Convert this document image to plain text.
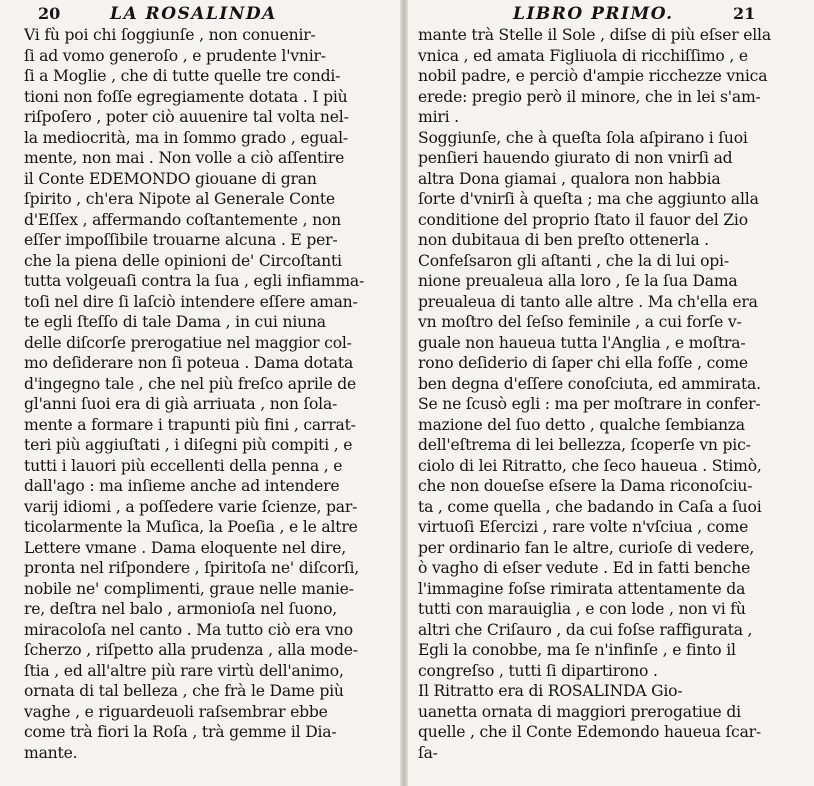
20	LA ROSALINDA
Vi fù poi chi ſoggiunſe , non conuenir-
ſi ad vomo generoſo , e prudente l'vnir-
ſi a Moglie , che di tutte quelle tre condi-
tioni non foſſe egregiamente dotata . I più
riſpoſero , poter ciò auuenire tal volta nel-
la mediocrità, ma in ſommo grado , egual-
mente, non mai . Non volle a ciò aſſentire
il Conte EDEMONDO giouane di gran
ſpirito , ch'era Nipote al Generale Conte
d'Eſſex , affermando coſtantemente , non
eſſer impoſſibile trouarne alcuna . E per-
che la piena delle opinioni de' Circoſtanti
tutta volgeuaſi contra la ſua , egli infiamma-
toſi nel dire ſi laſciò intendere eſſere aman-
te egli ſteſſo di tale Dama , in cui niuna
delle diſcorſe prerogatiue nel maggior col-
mo deſiderare non ſi poteua . Dama dotata
d'ingegno tale , che nel più freſco aprile de
gl'anni ſuoi era di già arriuata , non ſola-
mente a formare i trapunti più fini , carrat-
teri più aggiuſtati , i diſegni più compiti , e
tutti i lauori più eccellenti della penna , e
dall'ago : ma inſieme anche ad intendere
varij idiomi , a poſſedere varie ſcienze, par-
ticolarmente la Muſica, la Poeſia , e le altre
Lettere vmane . Dama eloquente nel dire,
pronta nel riſpondere , ſpiritoſa ne' diſcorſi,
nobile ne' complimenti, graue nelle manie-
re, deſtra nel balo , armonioſa nel ſuono,
miracoloſa nel canto . Ma tutto ciò era vno
ſcherzo , riſpetto alla prudenza , alla mode-
ſtia , ed all'altre più rare virtù dell'animo,
ornata di tal belleza , che frà le Dame più
vaghe , e riguardeuoli raſsembrar ebbe
come trà fiori la Roſa , trà gemme il Dia-
mante.
LIBRO PRIMO.	21
mante trà Stelle il Sole , diſse di più eſser ella
vnica , ed amata Figliuola di ricchiſſimo , e
nobil padre, e perciò d'ampie ricchezze vnica
erede: pregio però il minore, che in lei s'am-
miri .
Soggiunſe, che à queſta ſola aſpirano i ſuoi
penſieri hauendo giurato di non vnirſi ad
altra Dona giamai , qualora non habbia
ſorte d'vnirſi à queſta ; ma che aggiunto alla
conditione del proprio ſtato il fauor del Zio
non dubitaua di ben preſto ottenerla .
Confeſsaron gli aſtanti , che la di lui opi-
nione preualeua alla loro , ſe la ſua Dama
preualeua di tanto alle altre . Ma ch'ella era
vn moſtro del ſeſso feminile , a cui forſe v-
guale non haueua tutta l'Anglia , e moſtra-
rono deſiderio di ſaper chi ella foſſe , come
ben degna d'eſſere conoſciuta, ed ammirata.
Se ne ſcusò egli : ma per moſtrare in confer-
mazione del ſuo detto , qualche ſembianza
dell'eſtrema di lei bellezza, ſcoperſe vn pic-
ciolo di lei Ritratto, che ſeco haueua . Stimò,
che non doueſse eſsere la Dama riconoſciu-
ta , come quella , che badando in Caſa a ſuoi
virtuoſi Eſercizi , rare volte n'vſciua , come
per ordinario fan le altre, curioſe di vedere,
ò vagho di eſser vedute . Ed in fatti benche
l'immagine foſse rimirata attentamente da
tutti con marauiglia , e con lode , non vi fù
altri che Criſauro , da cui foſse raffigurata ,
Egli la conobbe, ma ſe n'infinſe , e finto il
congreſso , tutti ſi dipartirono .
Il Ritratto era di ROSALINDA Gio-
uanetta ornata di maggiori prerogatiue di
quelle , che il Conte Edemondo haueua ſcar-
ſa-
